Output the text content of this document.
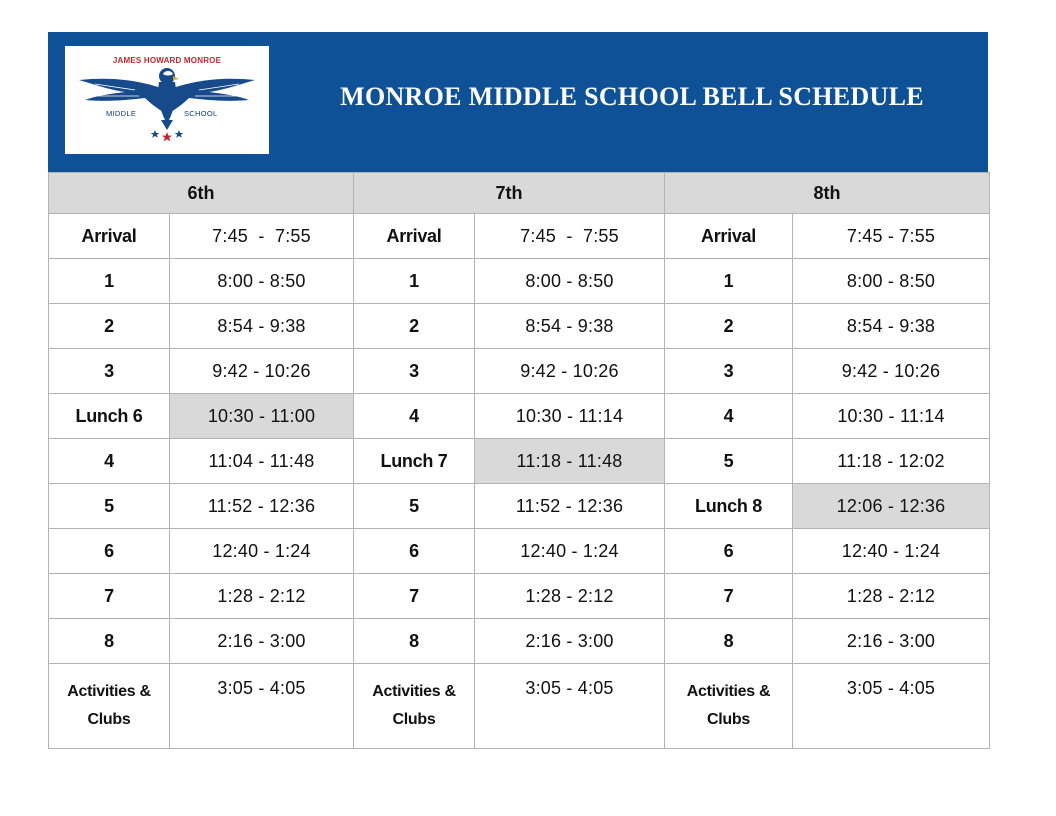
JAMES HOWARD MONROE
MIDDLE	SCHOOL
MONROE MIDDLE SCHOOL BELL SCHEDULE
6th		7th		8th	
Arrival	7:45  -  7:55	Arrival	7:45  -  7:55	Arrival	7:45 - 7:55
1	8:00 - 8:50	1	8:00 - 8:50	1	8:00 - 8:50
2	8:54 - 9:38	2	8:54 - 9:38	2	8:54 - 9:38
3	9:42 - 10:26	3	9:42 - 10:26	3	9:42 - 10:26
Lunch 6	10:30 - 11:00	4	10:30 - 11:14	4	10:30 - 11:14
4	11:04 - 11:48	Lunch 7	11:18 - 11:48	5	11:18 - 12:02
5	11:52 - 12:36	5	11:52 - 12:36	Lunch 8	12:06 - 12:36
6	12:40 - 1:24	6	12:40 - 1:24	6	12:40 - 1:24
7	1:28 - 2:12	7	1:28 - 2:12	7	1:28 - 2:12
8	2:16 - 3:00	8	2:16 - 3:00	8	2:16 - 3:00
Activities & Clubs	3:05 - 4:05	Activities & Clubs	3:05 - 4:05	Activities & Clubs	3:05 - 4:05
